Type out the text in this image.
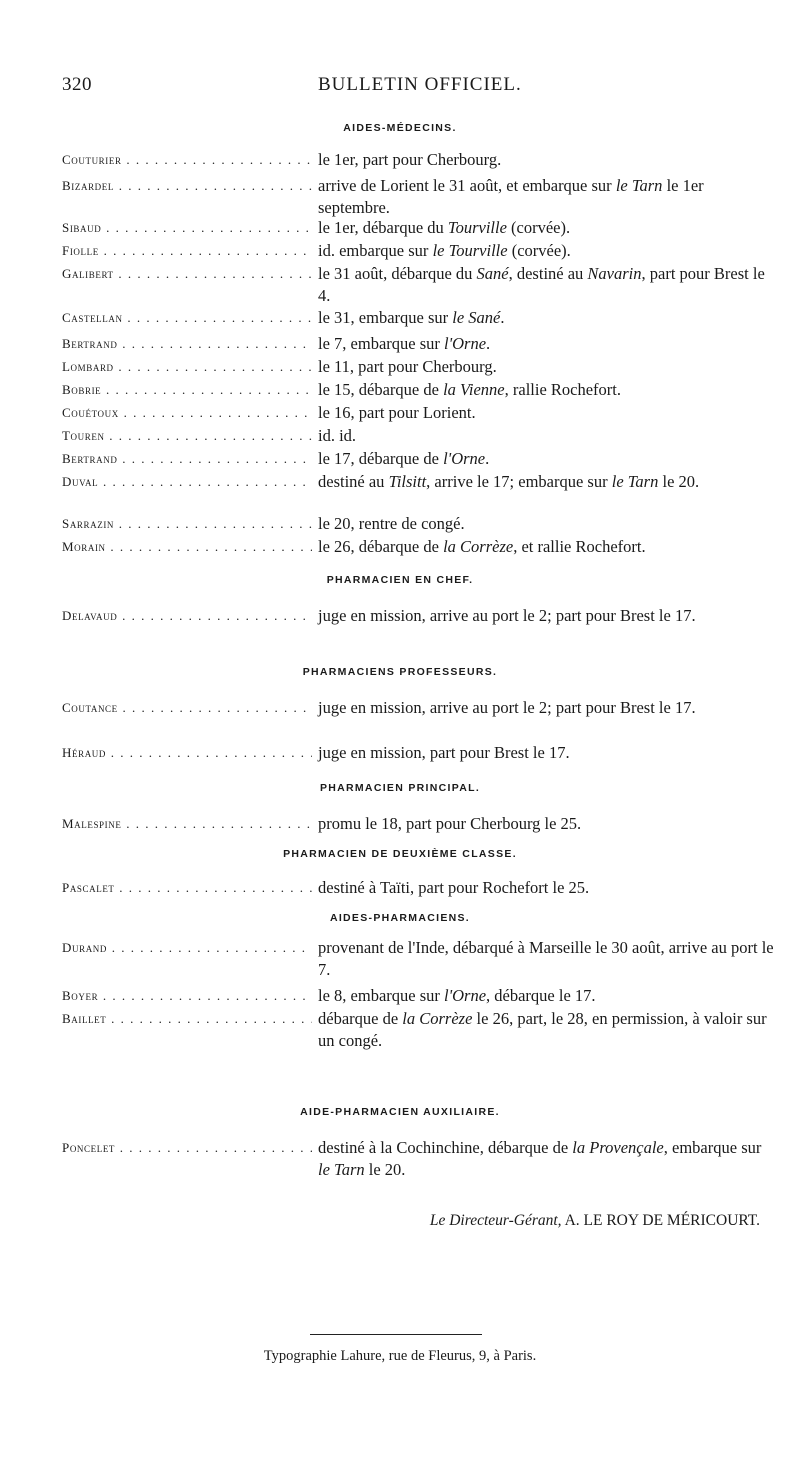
320	BULLETIN OFFICIEL.
AIDES-MÉDECINS.
Couturier . . .	le 1er, part pour Cherbourg.
Bizardel . . .	arrive de Lorient le 31 août, et embarque sur le Tarn le 1er septembre.
Sibaud . . .	le 1er, débarque du Tourville (corvée).
Fiolle . . .	id. embarque sur le Tourville (corvée).
Galibert . . .	le 31 août, débarque du Sané, destiné au Navarin, part pour Brest le 4.
Castellan . . .	le 31, embarque sur le Sané.
Bertrand . . .	le 7, embarque sur l'Orne.
Lombard . . .	le 11, part pour Cherbourg.
Bobrie . . .	le 15, débarque de la Vienne, rallie Rochefort.
Couétoux . . .	le 16, part pour Lorient.
Touren . . .	id. id.
Bertrand . . .	le 17, débarque de l'Orne.
Duval . . .	destiné au Tilsitt, arrive le 17; embarque sur le Tarn le 20.
Sarrazin . . .	le 20, rentre de congé.
Morain . . .	le 26, débarque de la Corrèze, et rallie Rochefort.
PHARMACIEN EN CHEF.
Delavaud . . .	juge en mission, arrive au port le 2; part pour Brest le 17.
PHARMACIENS PROFESSEURS.
Coutance . . .	juge en mission, arrive au port le 2; part pour Brest le 17.
Héraud . . .	juge en mission, part pour Brest le 17.
PHARMACIEN PRINCIPAL.
Malespine . . .	promu le 18, part pour Cherbourg le 25.
PHARMACIEN DE DEUXIÈME CLASSE.
Pascalet . . .	destiné à Taïti, part pour Rochefort le 25.
AIDES-PHARMACIENS.
Durand . . .	provenant de l'Inde, débarqué à Marseille le 30 août, arrive au port le 7.
Boyer . . .	le 8, embarque sur l'Orne, débarque le 17.
Baillet . . .	débarque de la Corrèze le 26, part, le 28, en permission, à valoir sur un congé.
AIDE-PHARMACIEN AUXILIAIRE.
Poncelet . . .	destiné à la Cochinchine, débarque de la Provençale, embarque sur le Tarn le 20.
Le Directeur-Gérant, A. LE ROY DE MÉRICOURT.
Typographie Lahure, rue de Fleurus, 9, à Paris.
